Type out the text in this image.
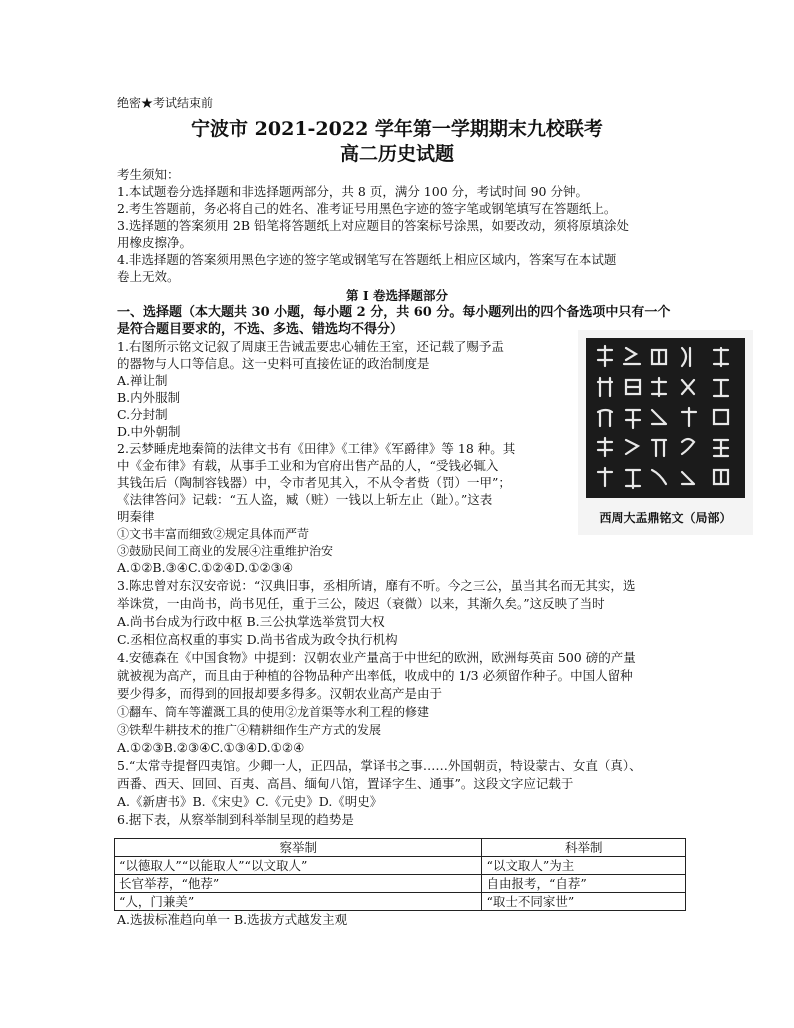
绝密★考试结束前
宁波市 2021-2022 学年第一学期期末九校联考
高二历史试题
考生须知：
1.本试题卷分选择题和非选择题两部分，共 8 页，满分 100 分，考试时间 90 分钟。
2.考生答题前，务必将自己的姓名、准考证号用黑色字迹的签字笔或钢笔填写在答题纸上。
3.选择题的答案须用 2B 铅笔将答题纸上对应题目的答案标号涂黑，如要改动，须将原填涂处
用橡皮擦净。
4.非选择题的答案须用黑色字迹的签字笔或钢笔写在答题纸上相应区域内，答案写在本试题
卷上无效。
第 I 卷选择题部分
一、选择题（本大题共 30 小题，每小题 2 分，共 60 分。每小题列出的四个备选项中只有一个
是符合题目要求的，不选、多选、错选均不得分）
西周大盂鼎铭文（局部）
1.右图所示铭文记叙了周康王告诫盂要忠心辅佐王室，还记载了赐予盂
的器物与人口等信息。这一史料可直接佐证的政治制度是
A.禅让制
B.内外服制
C.分封制
D.中外朝制
2.云梦睡虎地秦简的法律文书有《田律》《工律》《军爵律》等 18 种。其
中《金布律》有载，从事手工业和为官府出售产品的人，“受钱必辄入
其钱缶后（陶制容钱器）中，令市者见其入，不从令者赀（罚）一甲”；
《法律答问》记载：“五人盗，臧（赃）一钱以上斩左止（趾）。”这表
明秦律
①文书丰富而细致②规定具体而严苛
③鼓励民间工商业的发展④注重维护治安
A.①②B.③④C.①②④D.①②③④
3.陈忠曾对东汉安帝说：“汉典旧事，丞相所请，靡有不听。今之三公，虽当其名而无其实，选
举诛赏，一由尚书，尚书见任，重于三公，陵迟（衰微）以来，其渐久矣。”这反映了当时
A.尚书台成为行政中枢 B.三公执掌选举赏罚大权
C.丞相位高权重的事实 D.尚书省成为政令执行机构
4.安德森在《中国食物》中提到：汉朝农业产量高于中世纪的欧洲，欧洲每英亩 500 磅的产量
就被视为高产，而且由于种植的谷物品种产出率低，收成中的 1/3 必须留作种子。中国人留种
要少得多，而得到的回报却要多得多。汉朝农业高产是由于
①翻车、筒车等灌溉工具的使用②龙首渠等水利工程的修建
③铁犁牛耕技术的推广④精耕细作生产方式的发展
A.①②③B.②③④C.①③④D.①②④
5.“太常寺提督四夷馆。少卿一人，正四品，掌译书之事……外国朝贡，特设蒙古、女直（真）、
西番、西天、回回、百夷、高昌、缅甸八馆，置译字生、通事”。这段文字应记载于
A.《新唐书》B.《宋史》C.《元史》D.《明史》
6.据下表，从察举制到科举制呈现的趋势是
察举制	科举制
“以德取人”“以能取人”“以文取人”	“以文取人”为主
长官举荐，“他荐”	自由报考，“自荐”
“人，门兼美”	“取士不同家世”
A.选拔标准趋向单一 B.选拔方式越发主观
